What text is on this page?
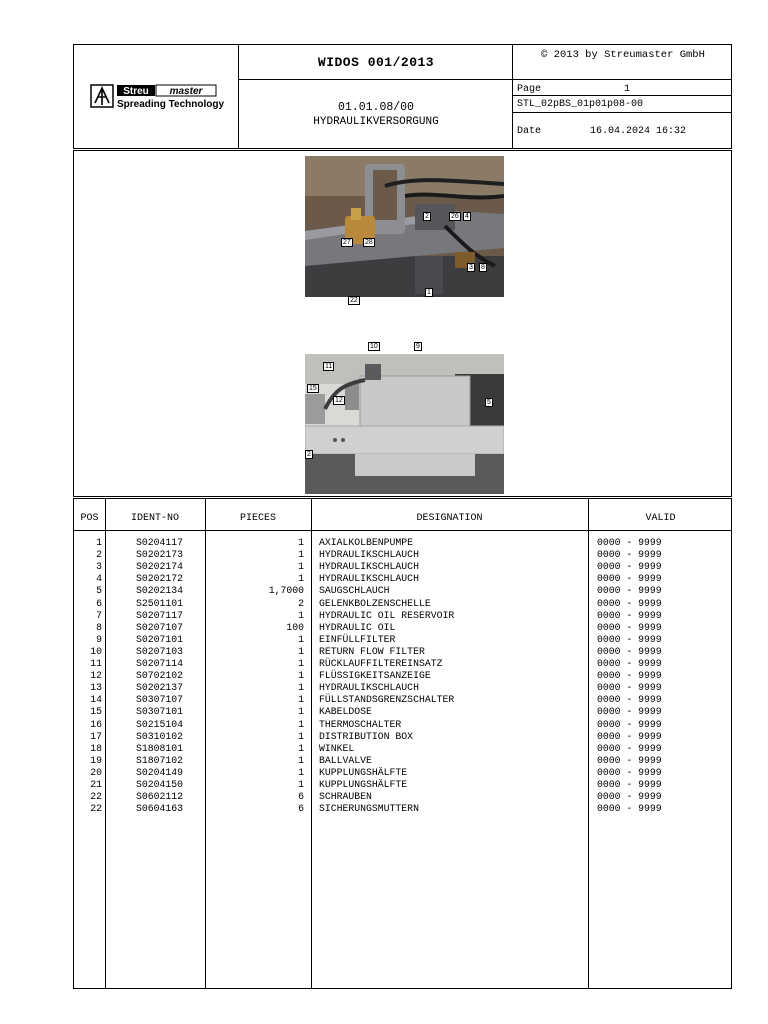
Streu master
Spreading Technology
WIDOS 001/2013	© 2013 by Streumaster GmbH
01.01.08/00
HYDRAULIKVERSORGUNG
Page	1
STL_02pBS_01p01p08-00
Date	16.04.2024 16:32
2	26 4
27 28
3 8
1
22
10	9
11
15
12	5
2
POS	IDENT-NO	PIECES	DESIGNATION	VALID
1	S0204117	1 AXIALKOLBENPUMPE	0000 - 9999
2	S0202173	1 HYDRAULIKSCHLAUCH	0000 - 9999
3	S0202174	1 HYDRAULIKSCHLAUCH	0000 - 9999
4	S0202172	1 HYDRAULIKSCHLAUCH	0000 - 9999
5	S0202134	1,7000 SAUGSCHLAUCH	0000 - 9999
6	S2501101	2 GELENKBOLZENSCHELLE	0000 - 9999
7	S0207117	1 HYDRAULIC OIL RESERVOIR	0000 - 9999
8	S0207107	100 HYDRAULIC OIL	0000 - 9999
9	S0207101	1 EINFÜLLFILTER	0000 - 9999
10	S0207103	1 RETURN FLOW FILTER	0000 - 9999
11	S0207114	1 RÜCKLAUFFILTEREINSATZ	0000 - 9999
12	S0702102	1 FLÜSSIGKEITSANZEIGE	0000 - 9999
13	S0202137	1 HYDRAULIKSCHLAUCH	0000 - 9999
14	S0307107	1 FÜLLSTANDSGRENZSCHALTER	0000 - 9999
15	S0307101	1 KABELDOSE	0000 - 9999
16	S0215104	1 THERMOSCHALTER	0000 - 9999
17	S0310102	1 DISTRIBUTION BOX	0000 - 9999
18	S1808101	1 WINKEL	0000 - 9999
19	S1807102	1 BALLVALVE	0000 - 9999
20	S0204149	1 KUPPLUNGSHÄLFTE	0000 - 9999
21	S0204150	1 KUPPLUNGSHÄLFTE	0000 - 9999
22	S0602112	6 SCHRAUBEN	0000 - 9999
22	S0604163	6 SICHERUNGSMUTTERN	0000 - 9999
